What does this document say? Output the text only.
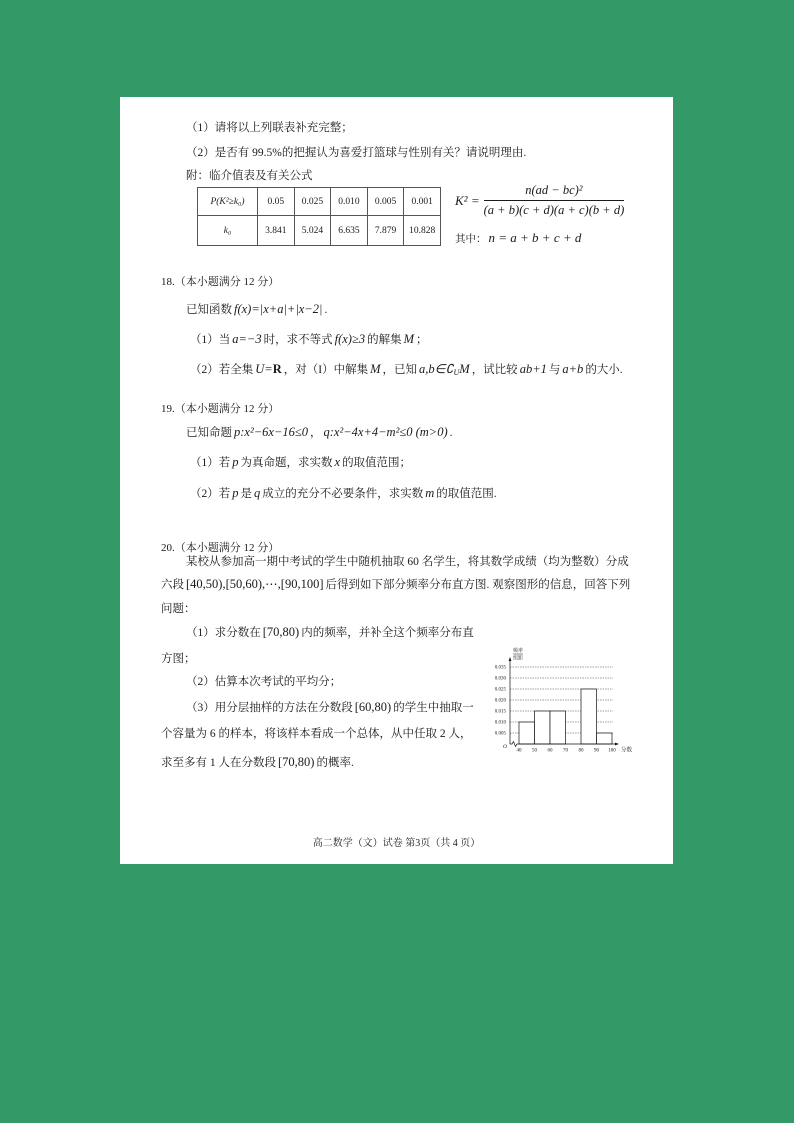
（1）请将以上列联表补充完整；
（2）是否有 99.5%的把握认为喜爱打篮球与性别有关？请说明理由.
附：临介值表及有关公式
P(K²≥k₀)	0.05	0.025	0.010	0.005	0.001
k₀	3.841	5.024	6.635	7.879	10.828
$K^2 = \frac{\text{n(ad − bc)²}}{(a + b)(c + d)(a + c)(b + d)}$
其中： n = a + b + c + d
18.（本小题满分 12 分）
已知函数 f(x)=|x+a|+|x−2| .
（1）当 a=−3 时，求不等式 f(x)≥3 的解集 M ；
（2）若全集 U=R ，对（I）中解集 M ，已知 $a,b\in∁_UM$ ，试比较 ab+1 与 a+b 的大小.
19.（本小题满分 12 分）
已知命题 p:x²−6x−16≤0 ， q:x²−4x+4−m²≤0 (m>0) .
（1）若 p 为真命题，求实数 x 的取值范围；
（2）若 p 是 q 成立的充分不必要条件，求实数 m 的取值范围.
20.（本小题满分 12 分）
某校从参加高一期中考试的学生中随机抽取 60 名学生，将其数学成绩（均为整数）分成
六段 [40,50),[50,60),⋯,[90,100] 后得到如下部分频率分布直方图. 观察图形的信息，回答下列
问题：
（1）求分数在 [70,80) 内的频率，并补全这个频率分布直
方图；
（2）估算本次考试的平均分；
（3）用分层抽样的方法在分数段 [60,80) 的学生中抽取一
个容量为 6 的样本，将该样本看成一个总体，从中任取 2 人，
求至多有 1 人在分数段 [70,80) 的概率.
0.035
0.030
0.025
0.020
0.015
0.010
0.005
40 50 60 70 80 90 100 分数
频率
组距
O
高二数学（文）试卷 第3页（共 4 页）
